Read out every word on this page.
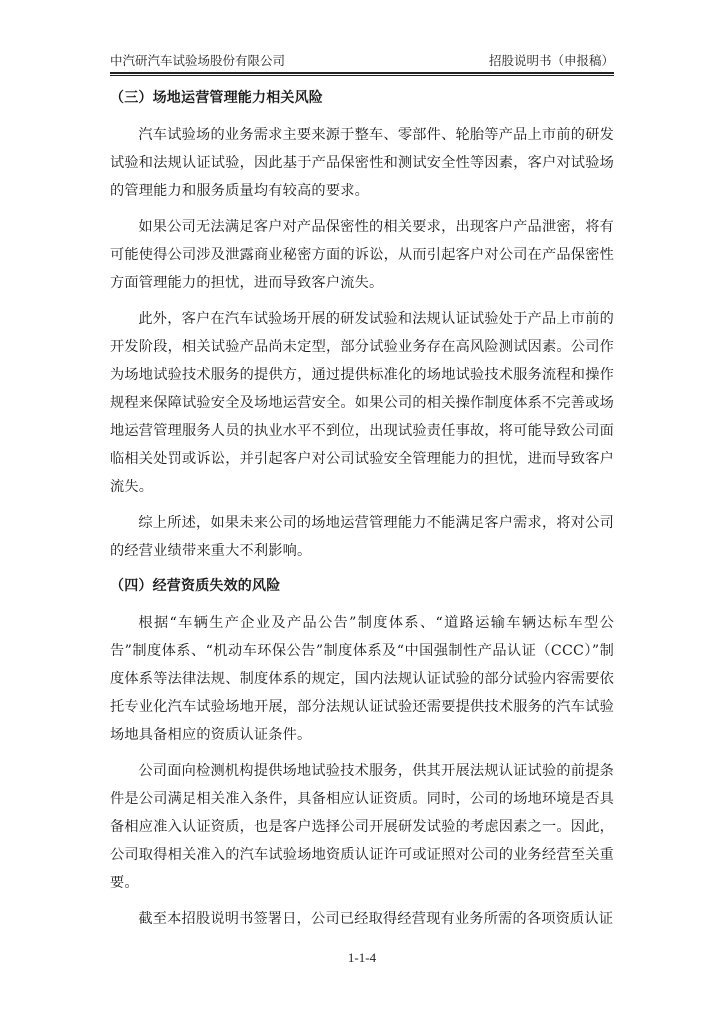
中汽研汽车试验场股份有限公司	招股说明书（申报稿）
（三）场地运营管理能力相关风险

汽车试验场的业务需求主要来源于整车、零部件、轮胎等产品上市前的研发试验和法规认证试验，因此基于产品保密性和测试安全性等因素，客户对试验场的管理能力和服务质量均有较高的要求。

如果公司无法满足客户对产品保密性的相关要求，出现客户产品泄密，将有可能使得公司涉及泄露商业秘密方面的诉讼，从而引起客户对公司在产品保密性方面管理能力的担忧，进而导致客户流失。

此外，客户在汽车试验场开展的研发试验和法规认证试验处于产品上市前的开发阶段，相关试验产品尚未定型，部分试验业务存在高风险测试因素。公司作为场地试验技术服务的提供方，通过提供标准化的场地试验技术服务流程和操作规程来保障试验安全及场地运营安全。如果公司的相关操作制度体系不完善或场地运营管理服务人员的执业水平不到位，出现试验责任事故，将可能导致公司面临相关处罚或诉讼，并引起客户对公司试验安全管理能力的担忧，进而导致客户流失。

综上所述，如果未来公司的场地运营管理能力不能满足客户需求，将对公司的经营业绩带来重大不利影响。

（四）经营资质失效的风险

根据“车辆生产企业及产品公告”制度体系、“道路运输车辆达标车型公告”制度体系、“机动车环保公告”制度体系及“中国强制性产品认证（CCC）”制度体系等法律法规、制度体系的规定，国内法规认证试验的部分试验内容需要依托专业化汽车试验场地开展，部分法规认证试验还需要提供技术服务的汽车试验场地具备相应的资质认证条件。

公司面向检测机构提供场地试验技术服务，供其开展法规认证试验的前提条件是公司满足相关准入条件，具备相应认证资质。同时，公司的场地环境是否具备相应准入认证资质，也是客户选择公司开展研发试验的考虑因素之一。因此，公司取得相关准入的汽车试验场地资质认证许可或证照对公司的业务经营至关重要。

截至本招股说明书签署日，公司已经取得经营现有业务所需的各项资质认证

1-1-4
